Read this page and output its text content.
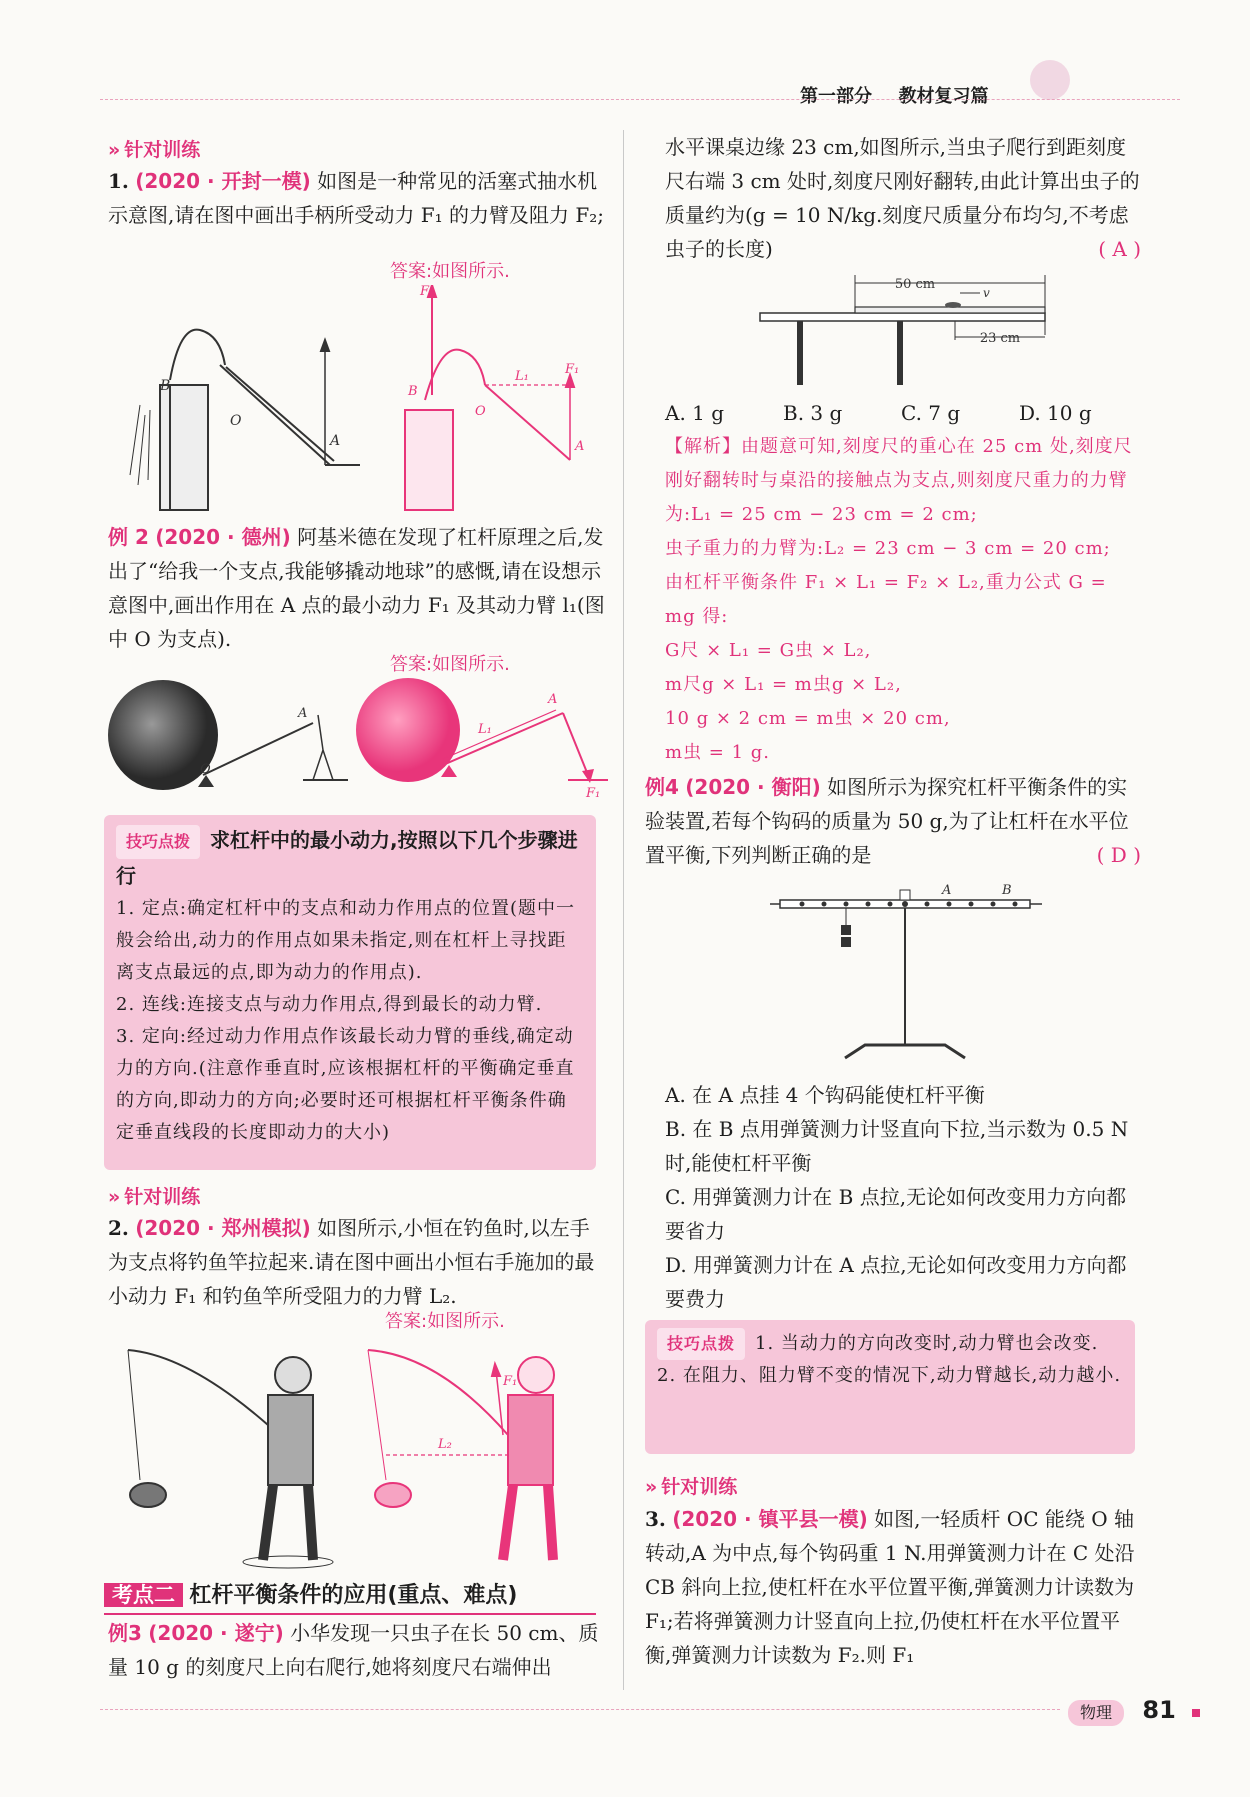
第一部分 教材复习篇
» 针对训练
1. (2020 · 开封一模) 如图是一种常见的活塞式抽水机示意图,请在图中画出手柄所受动力 F₁ 的力臂及阻力 F₂;
答案:如图所示.
B
O
A
F₂
F₁
L₁
B
O
A
例 2 (2020 · 德州) 阿基米德在发现了杠杆原理之后,发出了“给我一个支点,我能够撬动地球”的感慨,请在设想示意图中,画出作用在 A 点的最小动力 F₁ 及其动力臂 l₁(图中 O 为支点).
答案:如图所示.
O
A
L₁
A
F₁
技巧点拨 求杠杆中的最小动力,按照以下几个步骤进行
1. 定点:确定杠杆中的支点和动力作用点的位置(题中一般会给出,动力的作用点如果未指定,则在杠杆上寻找距离支点最远的点,即为动力的作用点).
2. 连线:连接支点与动力作用点,得到最长的动力臂.
3. 定向:经过动力作用点作该最长动力臂的垂线,确定动力的方向.(注意作垂直时,应该根据杠杆的平衡确定垂直的方向,即动力的方向;必要时还可根据杠杆平衡条件确定垂直线段的长度即动力的大小)
» 针对训练
2. (2020 · 郑州模拟) 如图所示,小恒在钓鱼时,以左手为支点将钓鱼竿拉起来.请在图中画出小恒右手施加的最小动力 F₁ 和钓鱼竿所受阻力的力臂 L₂.
答案:如图所示.
F₁
L₂
考点二 杠杆平衡条件的应用(重点、难点)
例3 (2020 · 遂宁) 小华发现一只虫子在长 50 cm、质量 10 g 的刻度尺上向右爬行,她将刻度尺右端伸出
水平课桌边缘 23 cm,如图所示,当虫子爬行到距刻度尺右端 3 cm 处时,刻度尺刚好翻转,由此计算出虫子的质量约为(g = 10 N/kg.刻度尺质量分布均匀,不考虑虫子的长度)	( A )
50 cm
23 cm
v
A. 1 g	B. 3 g	C. 7 g	D. 10 g
【解析】由题意可知,刻度尺的重心在 25 cm 处,刻度尺刚好翻转时与桌沿的接触点为支点,则刻度尺重力的力臂为:L₁ = 25 cm − 23 cm = 2 cm;
虫子重力的力臂为:L₂ = 23 cm − 3 cm = 20 cm;
由杠杆平衡条件 F₁ × L₁ = F₂ × L₂,重力公式 G = mg 得:
G尺 × L₁ = G虫 × L₂,
m尺g × L₁ = m虫g × L₂,
10 g × 2 cm = m虫 × 20 cm,
m虫 = 1 g.
例4 (2020 · 衡阳) 如图所示为探究杠杆平衡条件的实验装置,若每个钩码的质量为 50 g,为了让杠杆在水平位置平衡,下列判断正确的是	( D )
A	B
A. 在 A 点挂 4 个钩码能使杠杆平衡
B. 在 B 点用弹簧测力计竖直向下拉,当示数为 0.5 N 时,能使杠杆平衡
C. 用弹簧测力计在 B 点拉,无论如何改变用力方向都要省力
D. 用弹簧测力计在 A 点拉,无论如何改变用力方向都要费力
技巧点拨 1. 当动力的方向改变时,动力臂也会改变.
2. 在阻力、阻力臂不变的情况下,动力臂越长,动力越小.
» 针对训练
3. (2020 · 镇平县一模) 如图,一轻质杆 OC 能绕 O 轴转动,A 为中点,每个钩码重 1 N.用弹簧测力计在 C 处沿 CB 斜向上拉,使杠杆在水平位置平衡,弹簧测力计读数为 F₁;若将弹簧测力计竖直向上拉,仍使杠杆在水平位置平衡,弹簧测力计读数为 F₂.则 F₁
物理 81
